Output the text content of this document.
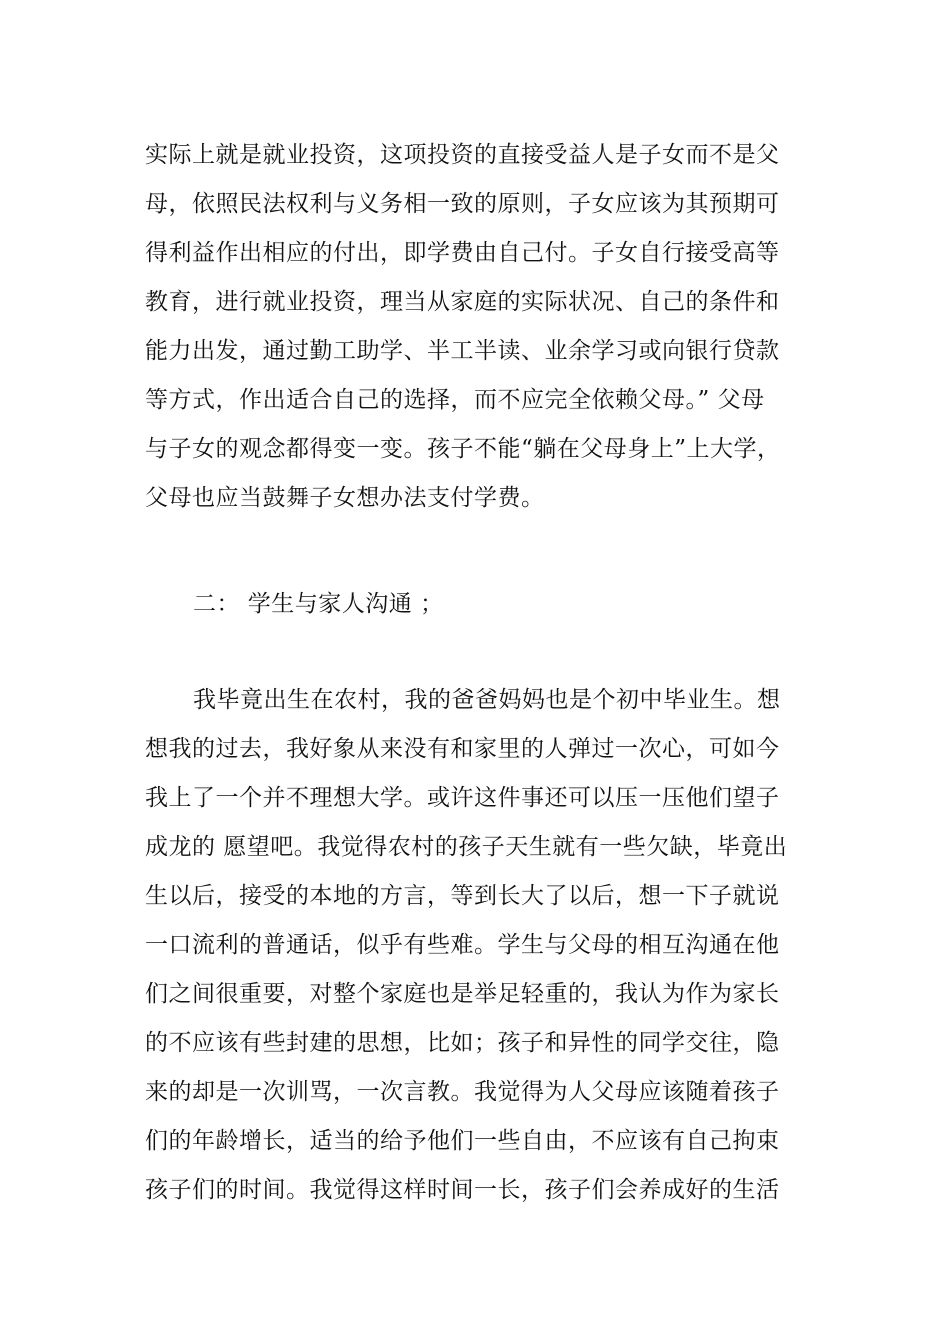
实际上就是就业投资，这项投资的直接受益人是子女而不是父
母，依照民法权利与义务相一致的原则，子女应该为其预期可
得利益作出相应的付出，即学费由自己付。子女自行接受高等
教育，进行就业投资，理当从家庭的实际状况、自己的条件和
能力出发，通过勤工助学、半工半读、业余学习或向银行贷款
等方式，作出适合自己的选择，而不应完全依赖父母。” 父母
与子女的观念都得变一变。孩子不能“躺在父母身上”上大学，
父母也应当鼓舞子女想办法支付学费。
二： 学生与家人沟通 ；
我毕竟出生在农村，我的爸爸妈妈也是个初中毕业生。想
想我的过去，我好象从来没有和家里的人弹过一次心，可如今
我上了一个并不理想大学。或许这件事还可以压一压他们望子
成龙的 愿望吧。我觉得农村的孩子天生就有一些欠缺，毕竟出
生以后，接受的本地的方言，等到长大了以后，想一下子就说
一口流利的普通话，似乎有些难。学生与父母的相互沟通在他
们之间很重要，对整个家庭也是举足轻重的，我认为作为家长
的不应该有些封建的思想，比如；孩子和异性的同学交往，隐
来的却是一次训骂，一次言教。我觉得为人父母应该随着孩子
们的年龄增长，适当的给予他们一些自由，不应该有自己拘束
孩子们的时间。我觉得这样时间一长，孩子们会养成好的生活
